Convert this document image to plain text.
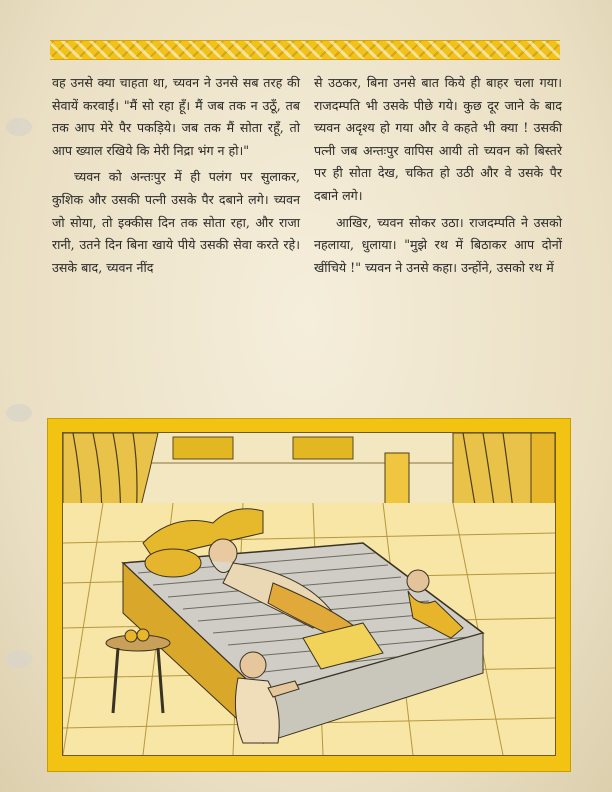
वह उनसे क्या चाहता था, च्यवन ने उनसे सब तरह की सेवायें करवाईं। "मैं सो रहा हूँ। मैं जब तक न उठूँ, तब तक आप मेरे पैर पकड़िये। जब तक मैं सोता रहूँ, तो आप ख्याल रखिये कि मेरी निद्रा भंग न हो।"

च्यवन को अन्तःपुर में ही पलंग पर सुलाकर, कुशिक और उसकी पत्नी उसके पैर दबाने लगे। च्यवन जो सोया, तो इक्कीस दिन तक सोता रहा, और राजा रानी, उतने दिन बिना खाये पीये उसकी सेवा करते रहे। उसके बाद, च्यवन नींद

से उठकर, बिना उनसे बात किये ही बाहर चला गया। राजदम्पति भी उसके पीछे गये। कुछ दूर जाने के बाद च्यवन अदृश्य हो गया और वे कहते भी क्या ! उसकी पत्नी जब अन्तःपुर वापिस आयी तो च्यवन को बिस्तरे पर ही सोता देख, चकित हो उठी और वे उसके पैर दबाने लगे।

आखिर, च्यवन सोकर उठा। राजदम्पति ने उसको नहलाया, धुलाया। "मुझे रथ में बिठाकर आप दोनों खींचिये !" च्यवन ने उनसे कहा। उन्होंने, उसको रथ में
